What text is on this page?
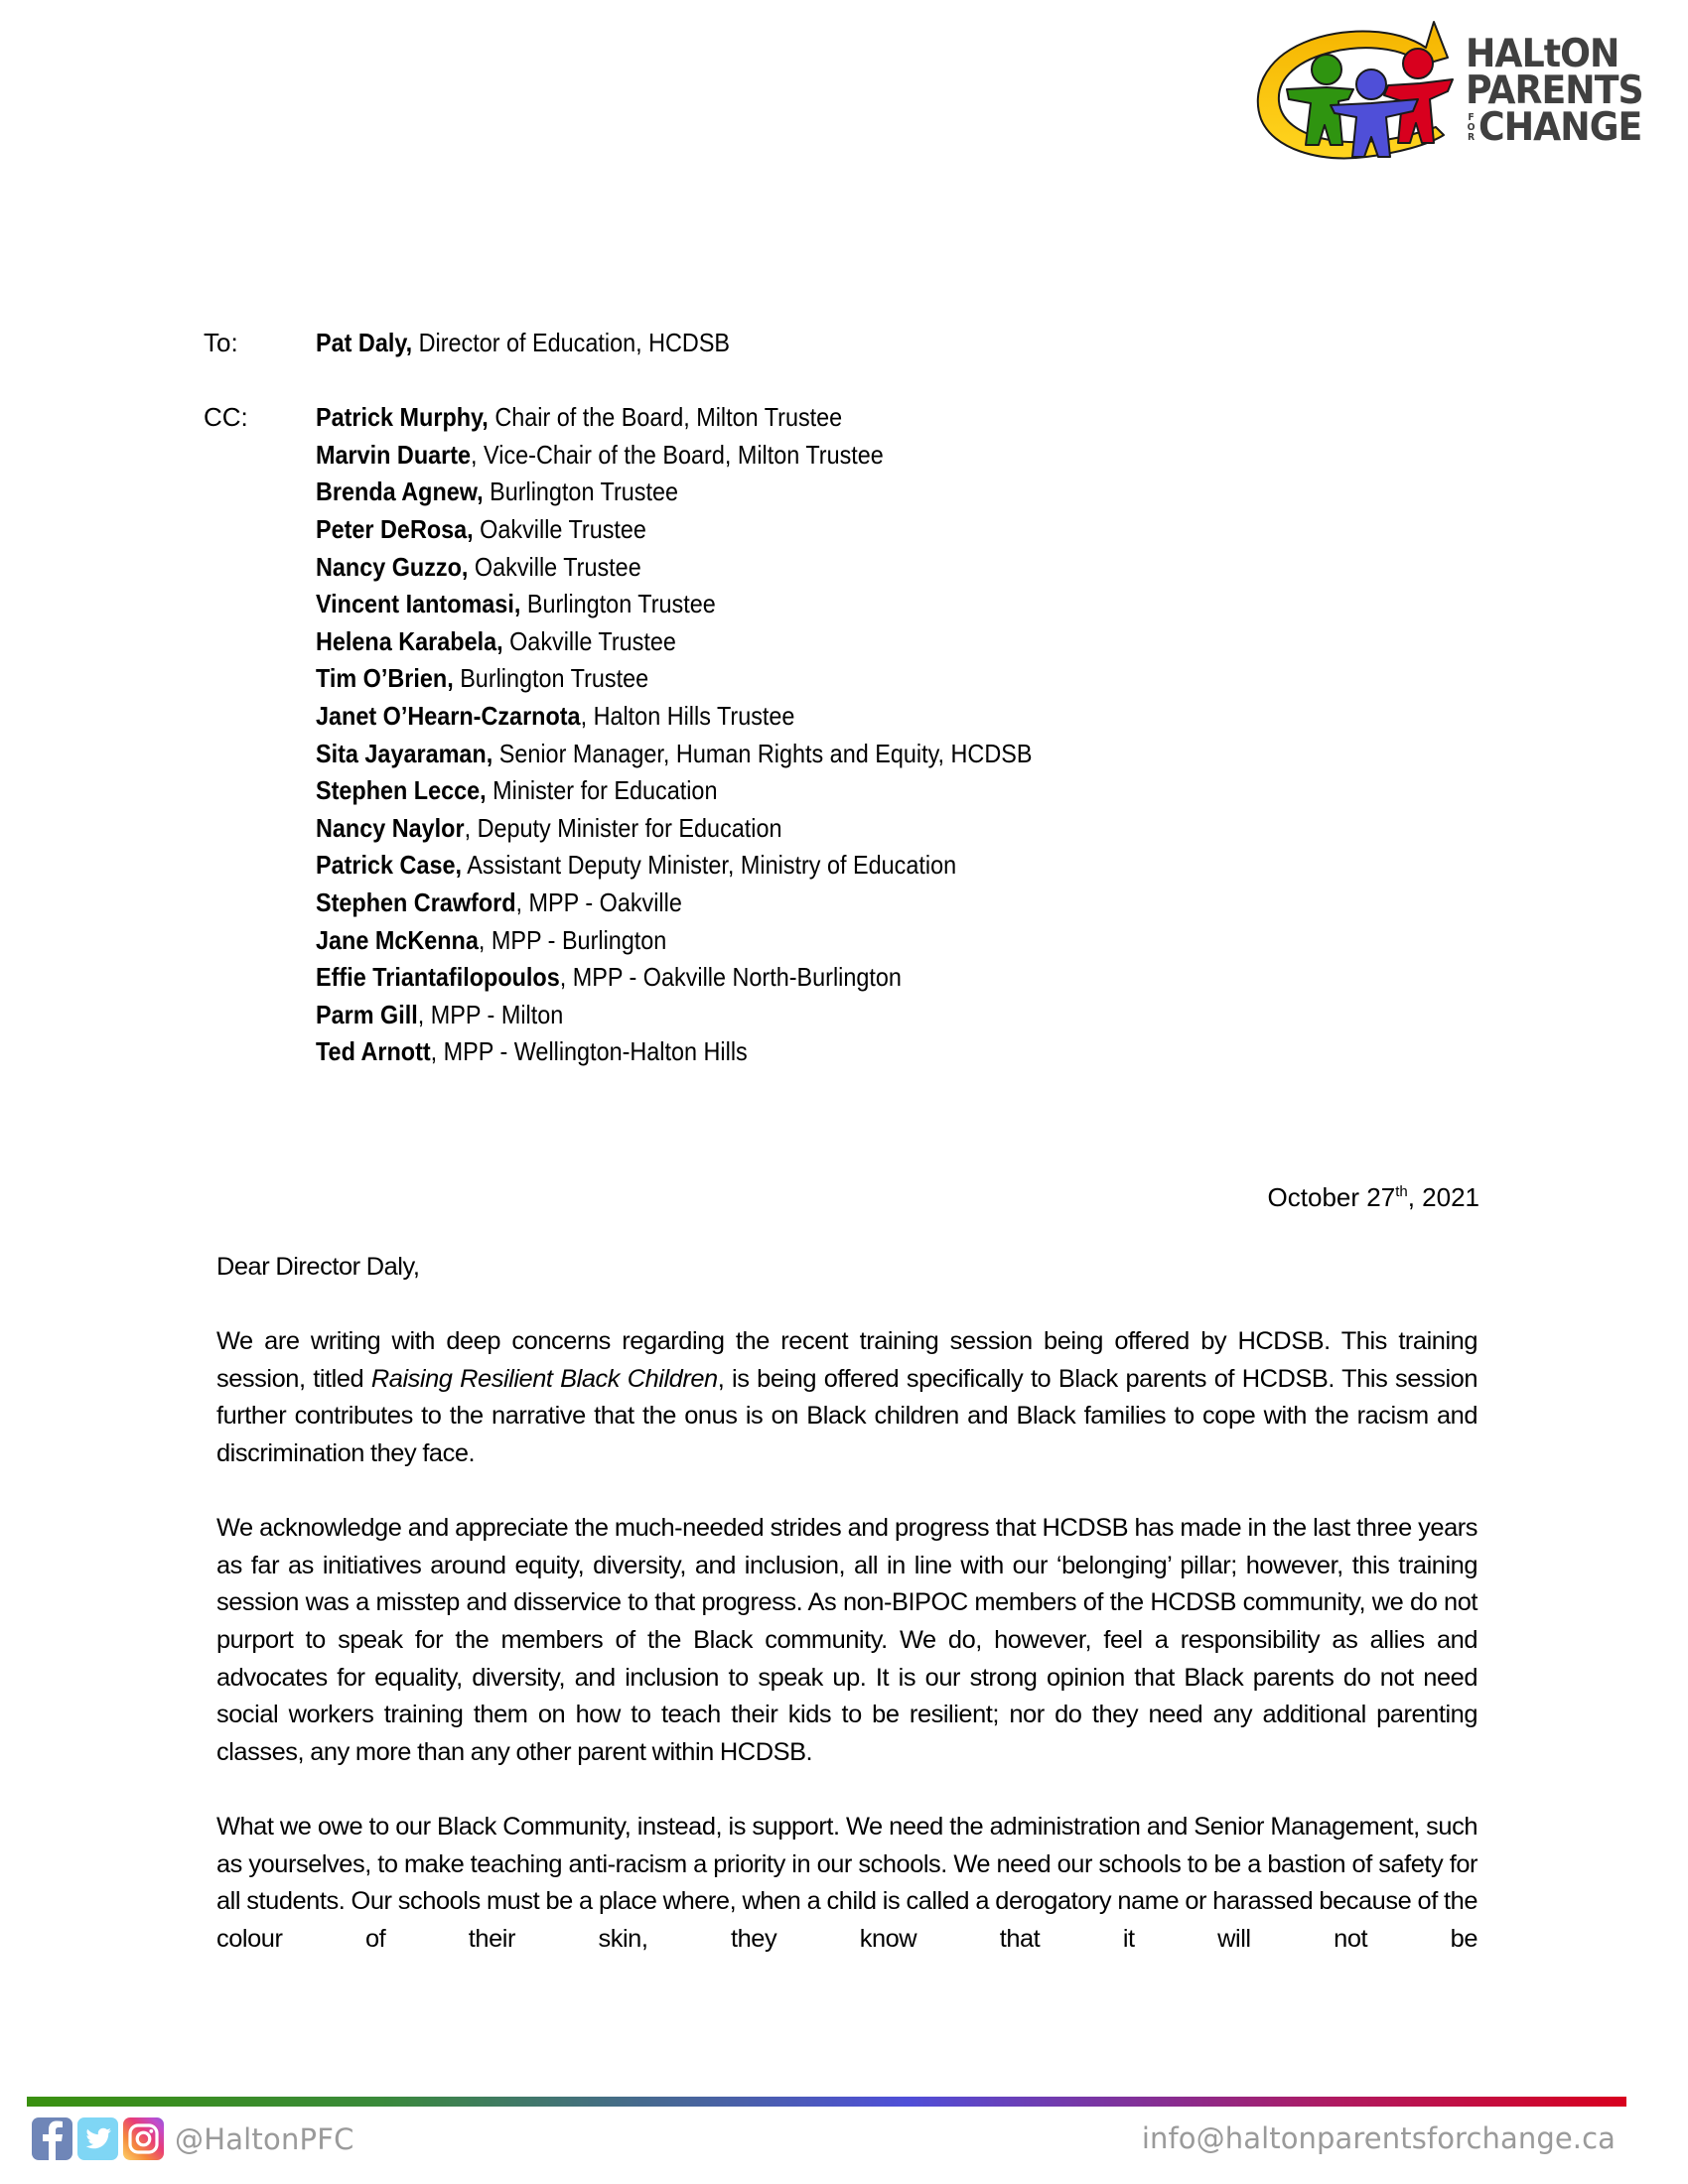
HALtON
PARENTS
F
O
R CHANGE
To:	Pat Daly, Director of Education, HCDSB
CC:	Patrick Murphy, Chair of the Board, Milton Trustee
Marvin Duarte, Vice-Chair of the Board, Milton Trustee
Brenda Agnew, Burlington Trustee
Peter DeRosa, Oakville Trustee
Nancy Guzzo, Oakville Trustee
Vincent Iantomasi, Burlington Trustee
Helena Karabela, Oakville Trustee
Tim O’Brien, Burlington Trustee
Janet O’Hearn-Czarnota, Halton Hills Trustee
Sita Jayaraman, Senior Manager, Human Rights and Equity, HCDSB
Stephen Lecce, Minister for Education
Nancy Naylor, Deputy Minister for Education
Patrick Case, Assistant Deputy Minister, Ministry of Education
Stephen Crawford, MPP - Oakville
Jane McKenna, MPP - Burlington
Effie Triantafilopoulos, MPP - Oakville North-Burlington
Parm Gill, MPP - Milton
Ted Arnott, MPP - Wellington-Halton Hills
October 27th, 2021

Dear Director Daly,

We are writing with deep concerns regarding the recent training session being offered by HCDSB. This training session, titled Raising Resilient Black Children, is being offered specifically to Black parents of HCDSB. This session further contributes to the narrative that the onus is on Black children and Black families to cope with the racism and discrimination they face.

We acknowledge and appreciate the much-needed strides and progress that HCDSB has made in the last three years as far as initiatives around equity, diversity, and inclusion, all in line with our ‘belonging’ pillar; however, this training session was a misstep and disservice to that progress. As non-BIPOC members of the HCDSB community, we do not purport to speak for the members of the Black community. We do, however, feel a responsibility as allies and advocates for equality, diversity, and inclusion to speak up. It is our strong opinion that Black parents do not need social workers training them on how to teach their kids to be resilient; nor do they need any additional parenting classes, any more than any other parent within HCDSB.

What we owe to our Black Community, instead, is support. We need the administration and Senior Management, such as yourselves, to make teaching anti-racism a priority in our schools. We need our schools to be a bastion of safety for all students. Our schools must be a place where, when a child is called a derogatory name or harassed because of the colour of their skin, they know that it will not be

@HaltonPFC	info@haltonparentsforchange.ca
